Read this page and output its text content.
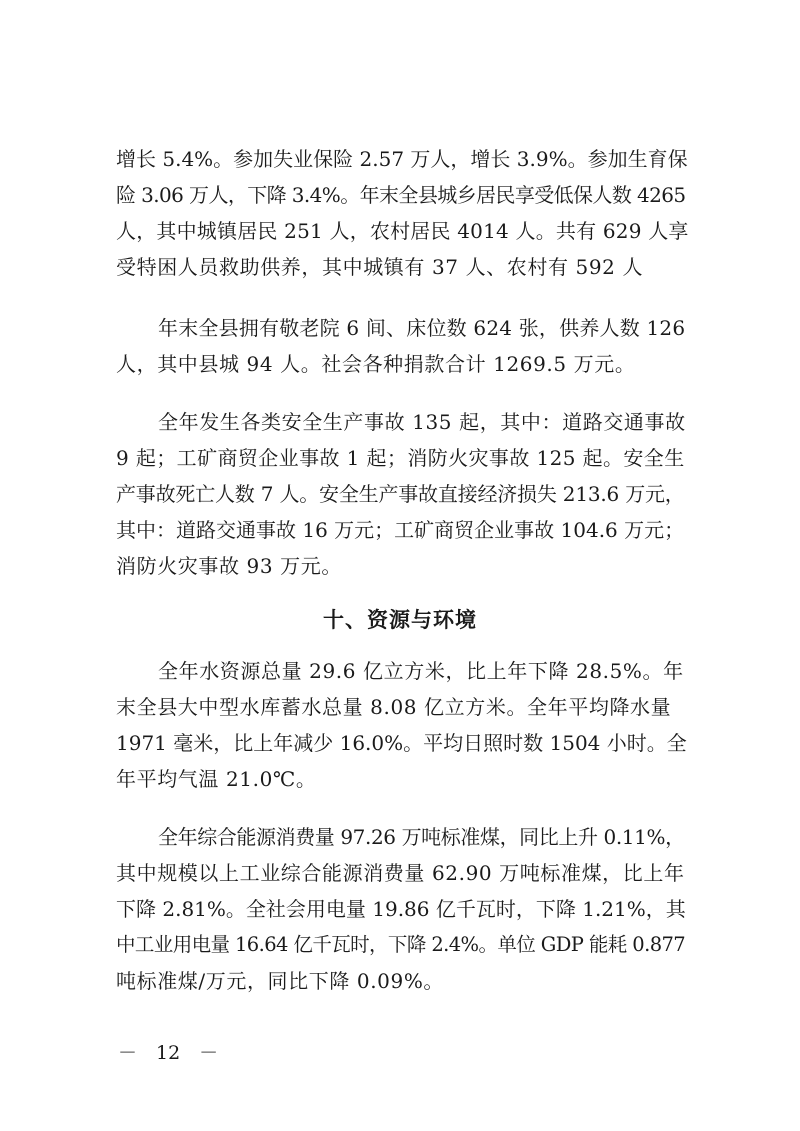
增长 5.4%。参加失业保险 2.57 万人，增长 3.9%。参加生育保
险 3.06 万人，下降 3.4%。年末全县城乡居民享受低保人数 4265
人，其中城镇居民 251 人，农村居民 4014 人。共有 629 人享
受特困人员救助供养，其中城镇有 37 人、农村有 592 人
年末全县拥有敬老院 6 间、床位数 624 张，供养人数 126
人，其中县城 94 人。社会各种捐款合计 1269.5 万元。
全年发生各类安全生产事故 135 起，其中：道路交通事故
9 起；工矿商贸企业事故 1 起；消防火灾事故 125 起。安全生
产事故死亡人数 7 人。安全生产事故直接经济损失 213.6 万元，
其中：道路交通事故 16 万元；工矿商贸企业事故 104.6 万元；
消防火灾事故 93 万元。
十、资源与环境
全年水资源总量 29.6 亿立方米，比上年下降 28.5%。年
末全县大中型水库蓄水总量 8.08 亿立方米。全年平均降水量
1971 毫米，比上年减少 16.0%。平均日照时数 1504 小时。全
年平均气温 21.0℃。
全年综合能源消费量 97.26 万吨标准煤，同比上升 0.11%，
其中规模以上工业综合能源消费量 62.90 万吨标准煤，比上年
下降 2.81%。全社会用电量 19.86 亿千瓦时，下降 1.21%，其
中工业用电量 16.64 亿千瓦时，下降 2.4%。单位 GDP 能耗 0.877
吨标准煤/万元，同比下降 0.09%。
－　12　－
